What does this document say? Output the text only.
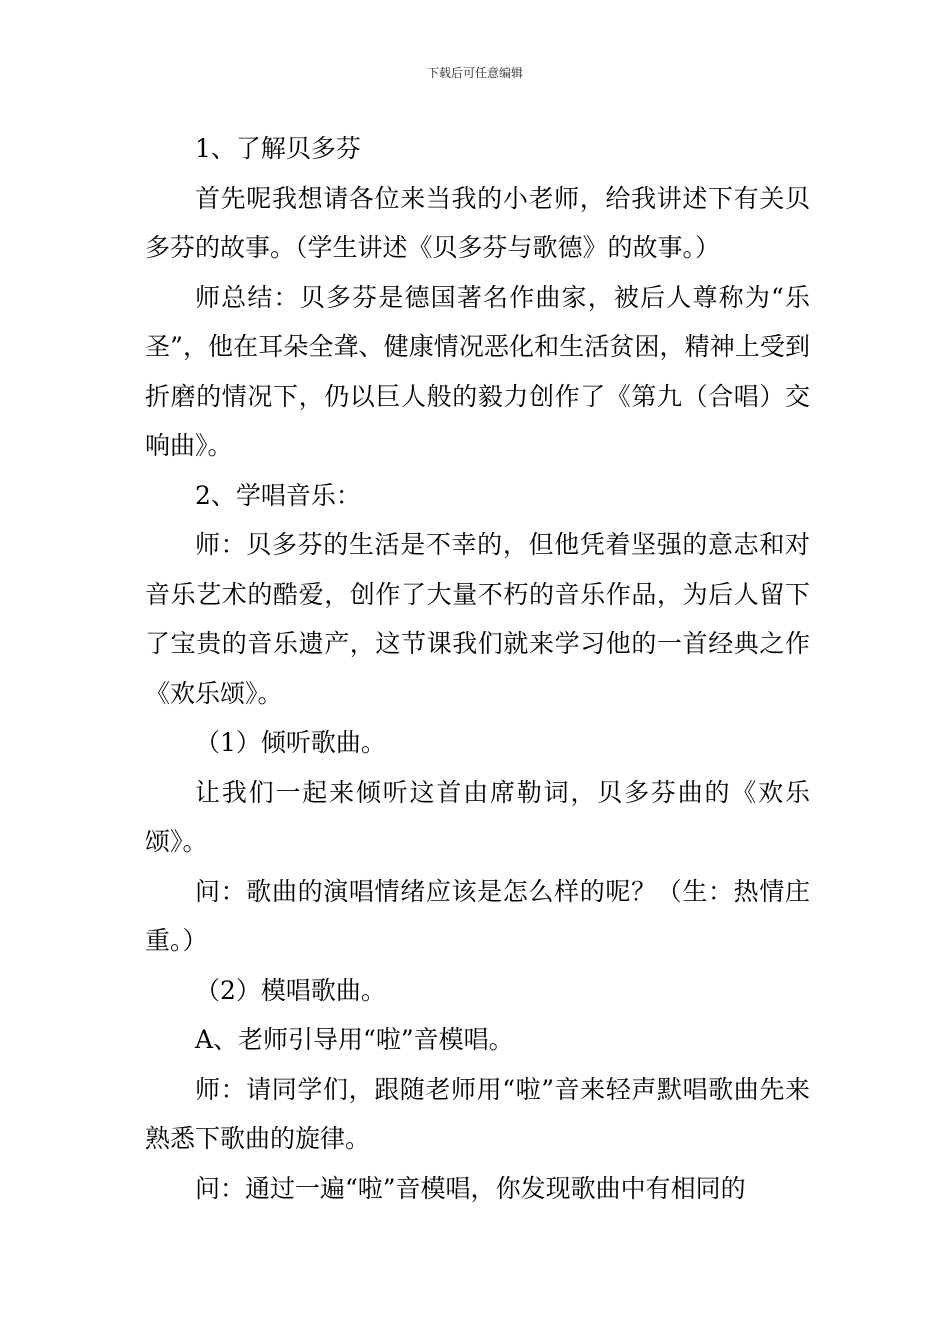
下载后可任意编辑

1、了解贝多芬

首先呢我想请各位来当我的小老师，给我讲述下有关贝多芬的故事。（学生讲述《贝多芬与歌德》的故事。）

师总结：贝多芬是德国著名作曲家，被后人尊称为“乐圣”，他在耳朵全聋、健康情况恶化和生活贫困，精神上受到折磨的情况下，仍以巨人般的毅力创作了《第九（合唱）交响曲》。

2、学唱音乐：

师：贝多芬的生活是不幸的，但他凭着坚强的意志和对音乐艺术的酷爱，创作了大量不朽的音乐作品，为后人留下了宝贵的音乐遗产，这节课我们就来学习他的一首经典之作《欢乐颂》。

（1）倾听歌曲。

让我们一起来倾听这首由席勒词，贝多芬曲的《欢乐颂》。

问：歌曲的演唱情绪应该是怎么样的呢？（生：热情庄重。）

（2）模唱歌曲。

A、老师引导用“啦”音模唱。

师：请同学们，跟随老师用“啦”音来轻声默唱歌曲先来熟悉下歌曲的旋律。

问：通过一遍“啦”音模唱，你发现歌曲中有相同的
